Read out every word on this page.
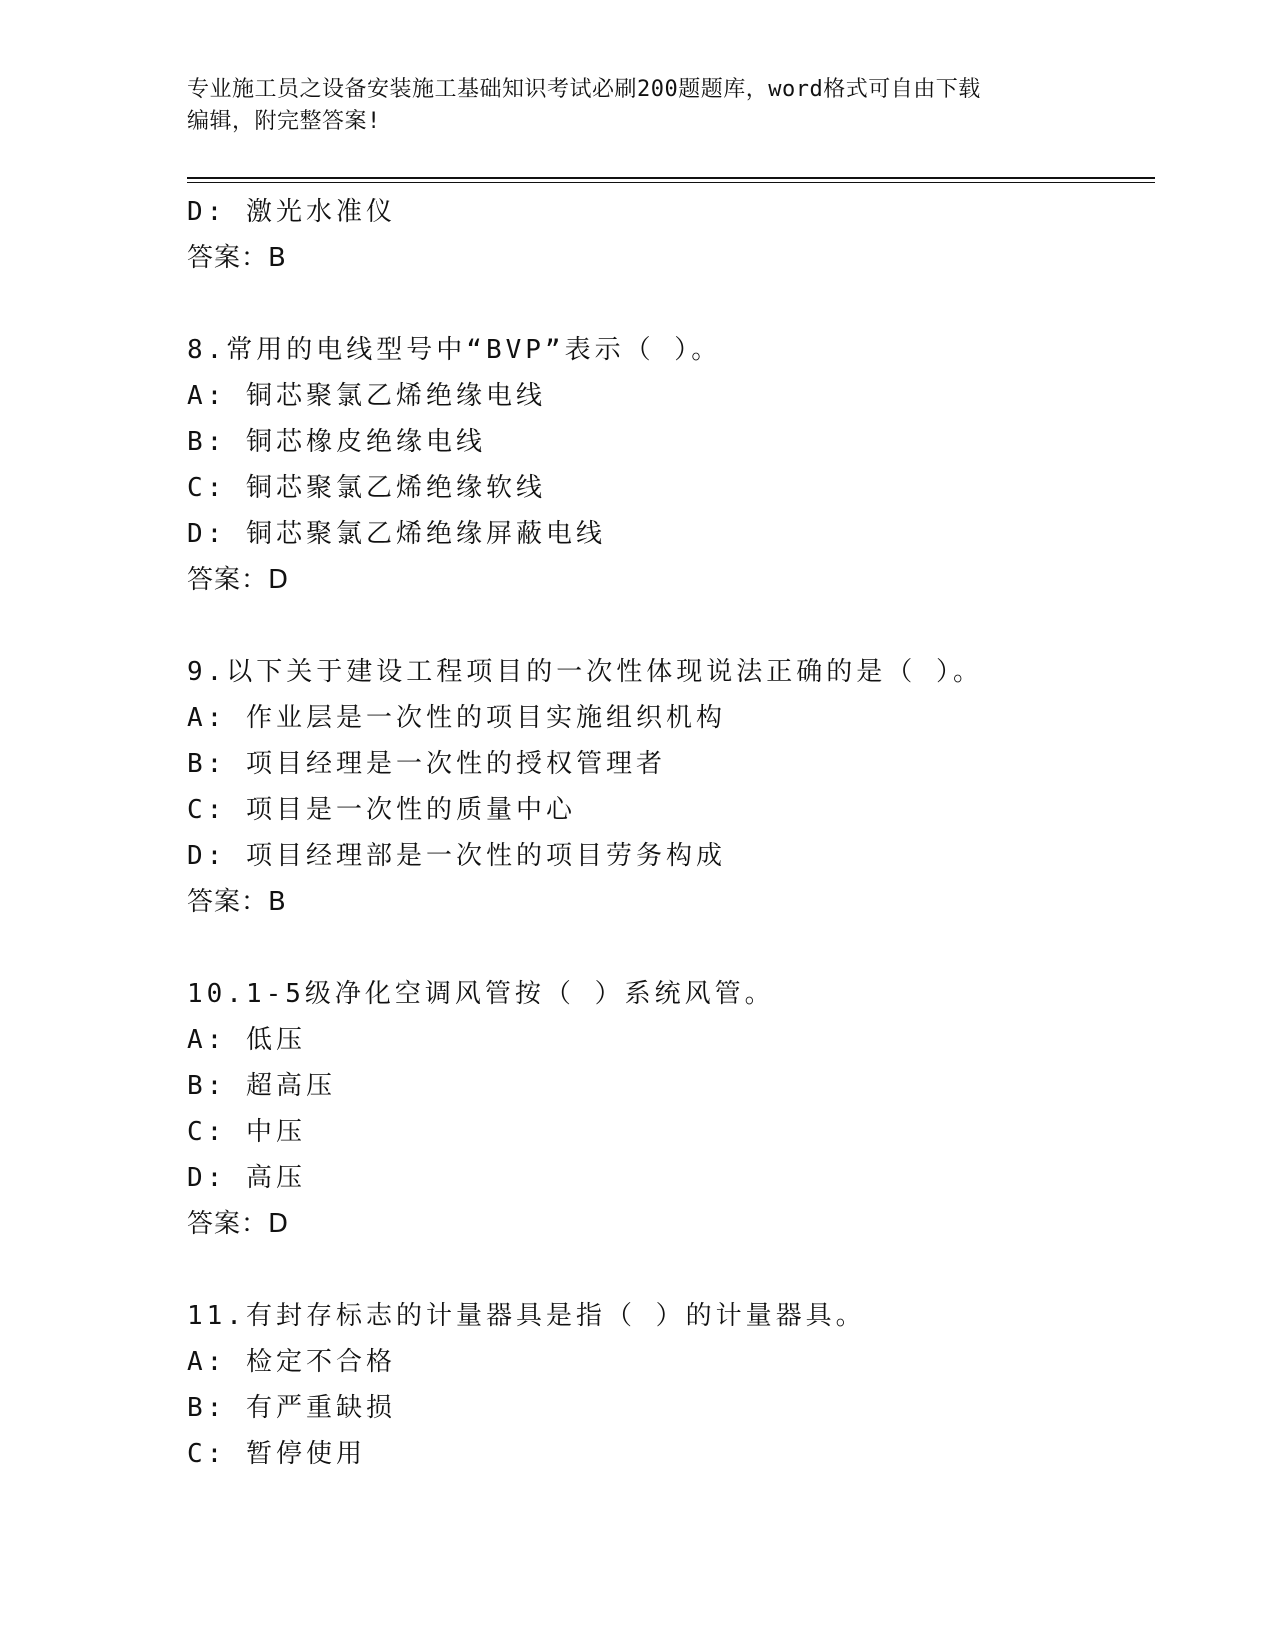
专业施工员之设备安装施工基础知识考试必刷200题题库，word格式可自由下载
编辑，附完整答案!
D: 激光水准仪
答案：B
8.常用的电线型号中“BVP”表示（ ）。
A: 铜芯聚氯乙烯绝缘电线
B: 铜芯橡皮绝缘电线
C: 铜芯聚氯乙烯绝缘软线
D: 铜芯聚氯乙烯绝缘屏蔽电线
答案：D
9.以下关于建设工程项目的一次性体现说法正确的是（ ）。
A: 作业层是一次性的项目实施组织机构
B: 项目经理是一次性的授权管理者
C: 项目是一次性的质量中心
D: 项目经理部是一次性的项目劳务构成
答案：B
10.1-5级净化空调风管按（ ）系统风管。
A: 低压
B: 超高压
C: 中压
D: 高压
答案：D
11.有封存标志的计量器具是指（ ）的计量器具。
A: 检定不合格
B: 有严重缺损
C: 暂停使用
